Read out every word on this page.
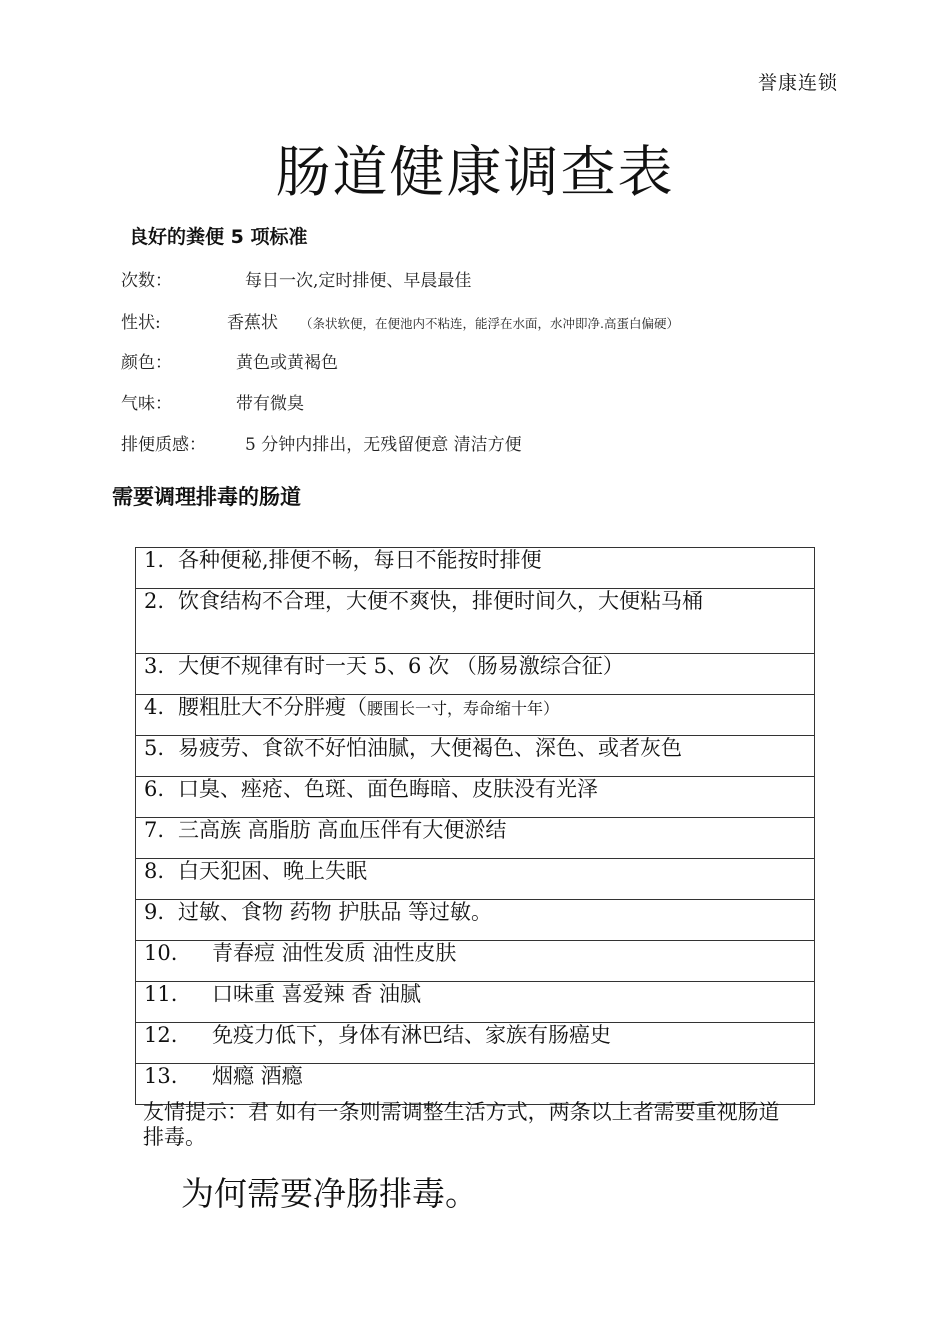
誉康连锁
肠道健康调查表
良好的粪便 5 项标准
次数：	每日一次,定时排便、早晨最佳
性状:	香蕉状 （条状软便，在便池内不粘连，能浮在水面，水冲即净.高蛋白偏硬）
颜色：	黄色或黄褐色
气味：	带有微臭
排便质感： 5 分钟内排出，无残留便意 清洁方便
需要调理排毒的肠道
1. 各种便秘,排便不畅，每日不能按时排便

2. 饮食结构不合理，大便不爽快，排便时间久，大便粘马桶

3. 大便不规律有时一天 5、6 次 （肠易激综合征）
4. 腰粗肚大不分胖瘦（腰围长一寸，寿命缩十年）
5. 易疲劳、食欲不好怕油腻，大便褐色、深色、或者灰色
6. 口臭、痤疮、色斑、面色晦暗、皮肤没有光泽
7. 三高族 高脂肪 高血压伴有大便淤结
8. 白天犯困、晚上失眠
9. 过敏、食物 药物 护肤品 等过敏。
10. 青春痘 油性发质 油性皮肤
11. 口味重 喜爱辣 香 油腻
12. 免疫力低下，身体有淋巴结、家族有肠癌史
13. 烟瘾 酒瘾
友情提示：君 如有一条则需调整生活方式，两条以上者需要重视肠道排毒。
为何需要净肠排毒。
